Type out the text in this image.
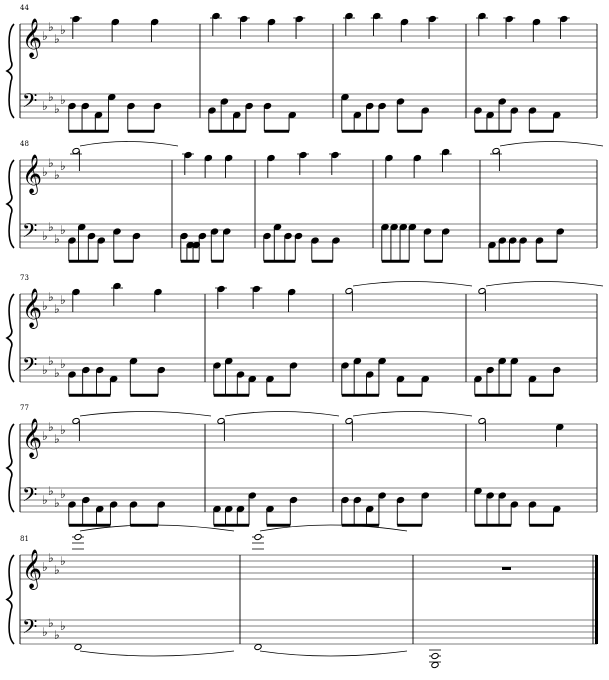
44
𝄞
𝄢
♭
♭
♭
♭
♭
♭
♭
♭
48
𝄞
𝄢
♭
♭
♭
♭
♭
♭
♭
♭
73
𝄞
𝄢
♭
♭
♭
♭
♭
♭
♭
♭
77
𝄞
𝄢
♭
♭
♭
♭
♭
♭
♭
♭
81
𝄞
𝄢
♭
♭
♭
♭
♭
♭
♭
♭
